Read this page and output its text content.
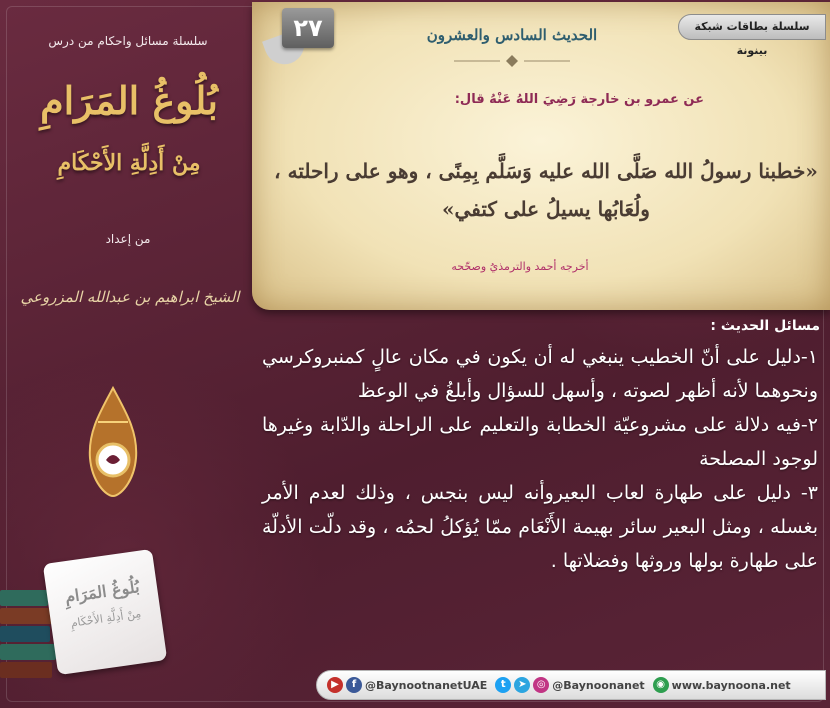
سلسلة مسائل واحكام من درس
بُلُوغُ المَرَامِ
مِنْ أَدِلَّةِ الأَحْكَامِ
من إعداد
الشيخ ابراهيم بن عبدالله المزروعي
بُلُوغُ المَرَامِ
مِنْ أَدِلَّةِ الأَحْكَامِ
٢٧	سلسلة بطاقات شبكة بينونة
الحديث السادس والعشرون
عن عمرو بن خارجة رَضِيَ اللهُ عَنْهُ قال:
«خطبنا رسولُ الله صَلَّى الله عليه وَسَلَّم بِمِنًى ، وهو على راحلته ، ولُعَابُها يسيلُ على كتفي»
أخرجه أحمد والترمذيُ وصحّحه
مسائل الحديث :
١-دليل على أنّ الخطيب ينبغي له أن يكون في مكان عالٍ كمنبروكرسي ونحوهما لأنه أظهر لصوته ، وأسهل للسؤال وأبلغُ في الوعظ
٢-فيه دلالة على مشروعيّة الخطابة والتعليم على الراحلة والدّابة وغيرها لوجود المصلحة
٣- دليل على طهارة لعاب البعيروأنه ليس بنجس ، وذلك لعدم الأمر بغسله ، ومثل البعير سائر بهيمة الأَنْعَام ممّا يُؤكلُ لحمُه ، وقد دلّت الأدلّة على طهارة بولها وروثها وفضلاتها .
▶	f @BaynootnanetUAE	t	➤	◎ @Baynoonanet	◉ www.baynoona.net
